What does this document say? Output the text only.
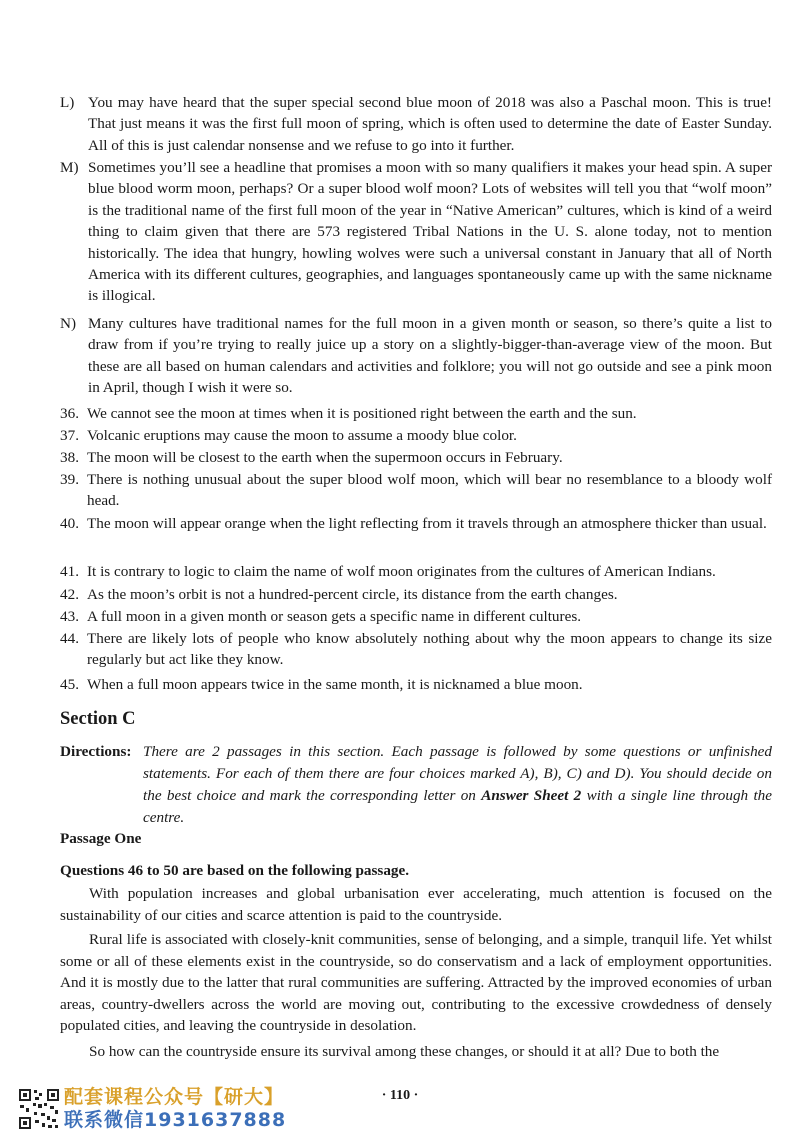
L) You may have heard that the super special second blue moon of 2018 was also a Paschal moon. This is true! That just means it was the first full moon of spring, which is often used to determine the date of Easter Sunday. All of this is just calendar nonsense and we refuse to go into it further.
M) Sometimes you’ll see a headline that promises a moon with so many qualifiers it makes your head spin. A super blue blood worm moon, perhaps? Or a super blood wolf moon? Lots of websites will tell you that “wolf moon” is the traditional name of the first full moon of the year in “Native American” cultures, which is kind of a weird thing to claim given that there are 573 registered Tribal Nations in the U. S. alone today, not to mention historically. The idea that hungry, howling wolves were such a universal constant in January that all of North America with its different cultures, geographies, and languages spontaneously came up with the same nickname is illogical.
N) Many cultures have traditional names for the full moon in a given month or season, so there’s quite a list to draw from if you’re trying to really juice up a story on a slightly-bigger-than-average view of the moon. But these are all based on human calendars and activities and folklore; you will not go outside and see a pink moon in April, though I wish it were so.
36. We cannot see the moon at times when it is positioned right between the earth and the sun.
37. Volcanic eruptions may cause the moon to assume a moody blue color.
38. The moon will be closest to the earth when the supermoon occurs in February.
39. There is nothing unusual about the super blood wolf moon, which will bear no resemblance to a bloody wolf head.
40. The moon will appear orange when the light reflecting from it travels through an atmosphere thicker than usual.
41. It is contrary to logic to claim the name of wolf moon originates from the cultures of American Indians.
42. As the moon’s orbit is not a hundred-percent circle, its distance from the earth changes.
43. A full moon in a given month or season gets a specific name in different cultures.
44. There are likely lots of people who know absolutely nothing about why the moon appears to change its size regularly but act like they know.
45. When a full moon appears twice in the same month, it is nicknamed a blue moon.
Section C
Directions: There are 2 passages in this section. Each passage is followed by some questions or unfinished statements. For each of them there are four choices marked A), B), C) and D). You should decide on the best choice and mark the corresponding letter on Answer Sheet 2 with a single line through the centre.
Passage One
Questions 46 to 50 are based on the following passage.
With population increases and global urbanisation ever accelerating, much attention is focused on the sustainability of our cities and scarce attention is paid to the countryside.
Rural life is associated with closely-knit communities, sense of belonging, and a simple, tranquil life. Yet whilst some or all of these elements exist in the countryside, so do conservatism and a lack of employment opportunities. And it is mostly due to the latter that rural communities are suffering. Attracted by the improved economies of urban areas, country-dwellers across the world are moving out, contributing to the excessive crowdedness of densely populated cities, and leaving the countryside in desolation.
So how can the countryside ensure its survival among these changes, or should it at all? Due to both the
· 110 ·
配套课程公众号【研大】
联系微信1931637888
